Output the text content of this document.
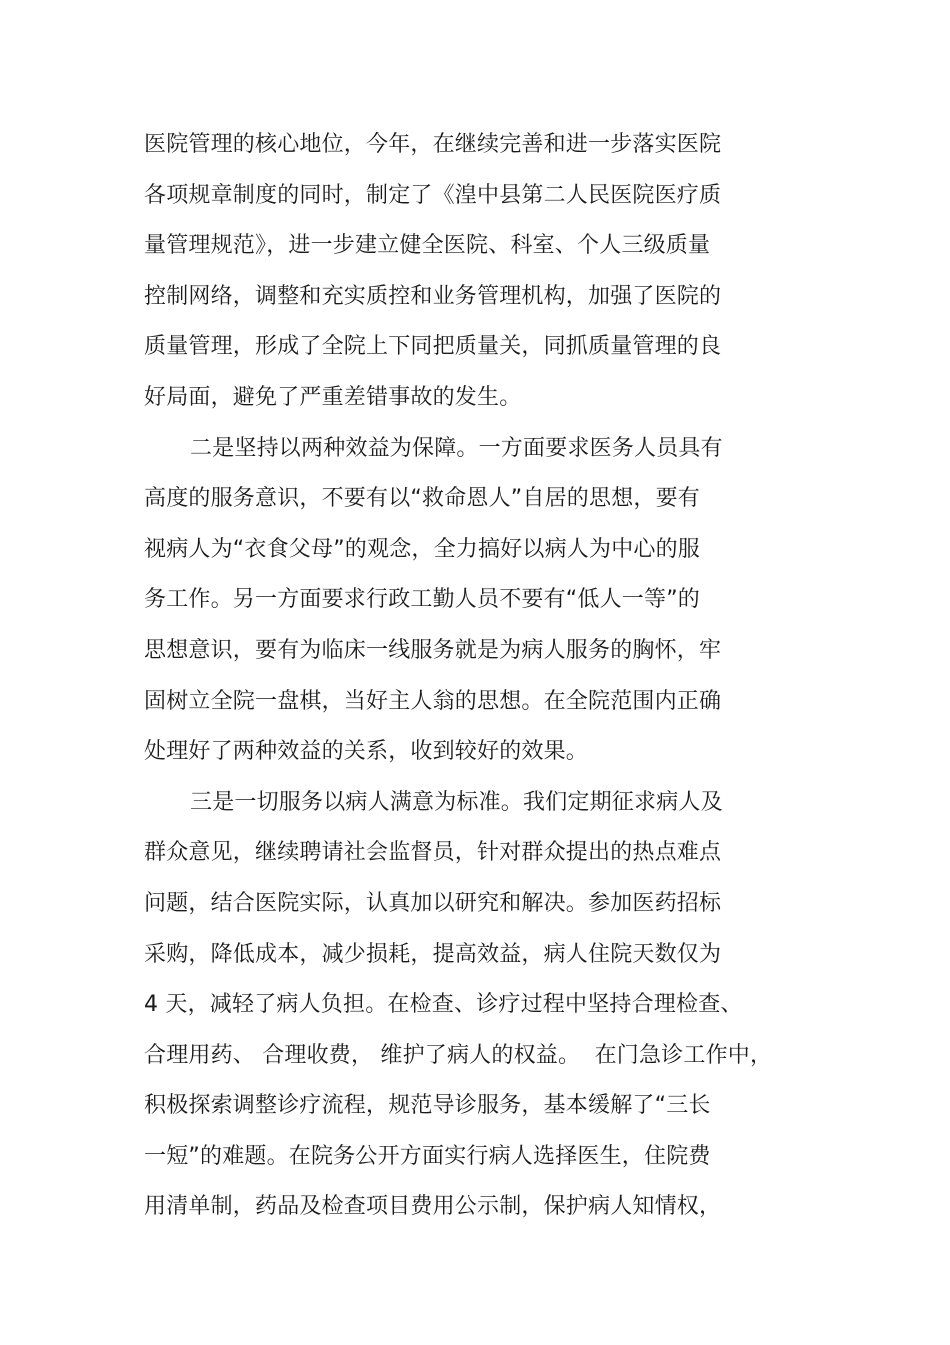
医院管理的核心地位，今年，在继续完善和进一步落实医院
各项规章制度的同时，制定了《湟中县第二人民医院医疗质
量管理规范》，进一步建立健全医院、科室、个人三级质量
控制网络，调整和充实质控和业务管理机构，加强了医院的
质量管理，形成了全院上下同把质量关，同抓质量管理的良
好局面，避免了严重差错事故的发生。
二是坚持以两种效益为保障。一方面要求医务人员具有
高度的服务意识，不要有以“救命恩人”自居的思想，要有
视病人为“衣食父母”的观念，全力搞好以病人为中心的服
务工作。另一方面要求行政工勤人员不要有“低人一等”的
思想意识，要有为临床一线服务就是为病人服务的胸怀，牢
固树立全院一盘棋，当好主人翁的思想。在全院范围内正确
处理好了两种效益的关系，收到较好的效果。
三是一切服务以病人满意为标准。我们定期征求病人及
群众意见，继续聘请社会监督员，针对群众提出的热点难点
问题，结合医院实际，认真加以研究和解决。参加医药招标
采购，降低成本，减少损耗，提高效益，病人住院天数仅为
4 天，减轻了病人负担。在检查、诊疗过程中坚持合理检查、
合理用药、 合理收费， 维护了病人的权益。  在门急诊工作中，
积极探索调整诊疗流程，规范导诊服务，基本缓解了“三长
一短”的难题。在院务公开方面实行病人选择医生，住院费
用清单制，药品及检查项目费用公示制，保护病人知情权，
